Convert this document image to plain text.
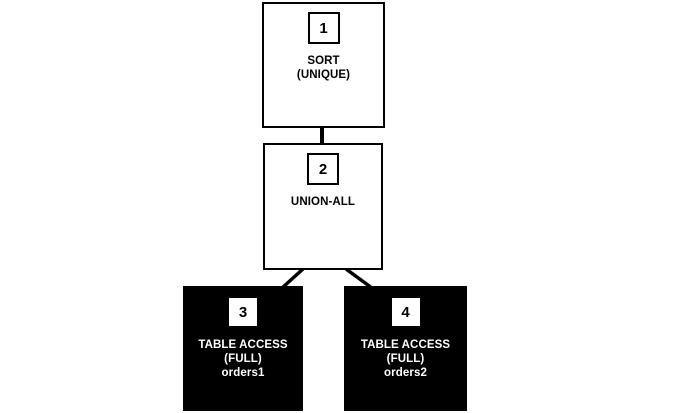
1
SORT
(UNIQUE)
2
UNION-ALL
3
TABLE ACCESS
(FULL)
orders1
4
TABLE ACCESS
(FULL)
orders2
